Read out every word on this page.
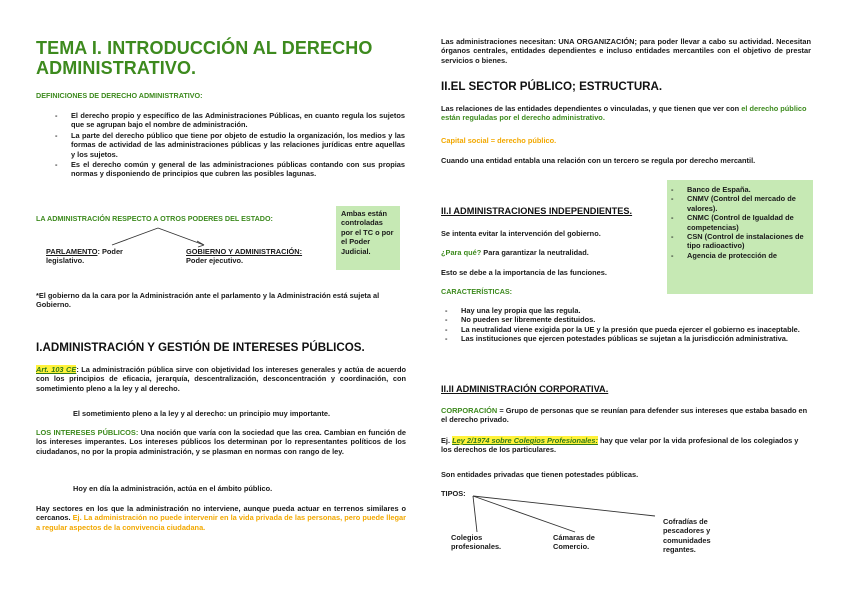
TEMA I. INTRODUCCIÓN AL DERECHO
ADMINISTRATIVO.
DEFINICIONES DE DERECHO ADMINISTRATIVO:
- El derecho propio y específico de las Administraciones Públicas, en cuanto regula los sujetos que se agrupan bajo el nombre de administración.
- La parte del derecho público que tiene por objeto de estudio la organización, los medios y las formas de actividad de las administraciones públicas y las relaciones jurídicas entre aquellas y los sujetos.
- Es el derecho común y general de las administraciones públicas contando con sus propias normas y disponiendo de principios que cubren las posibles lagunas.
LA ADMINISTRACIÓN RESPECTO A OTROS PODERES DEL ESTADO:
PARLAMENTO: Poder legislativo.
GOBIERNO Y ADMINISTRACIÓN:
Poder ejecutivo.
Ambas están controladas por el TC o por el Poder Judicial.
*El gobierno da la cara por la Administración ante el parlamento y la Administración está sujeta al Gobierno.
I.ADMINISTRACIÓN Y GESTIÓN DE INTERESES PÚBLICOS.
Art. 103 CE: La administración pública sirve con objetividad los intereses generales y actúa de acuerdo con los principios de eficacia, jerarquía, descentralización, desconcentración y coordinación, con sometimiento pleno a la ley y al derecho.
El sometimiento pleno a la ley y al derecho: un principio muy importante.
LOS INTERESES PÚBLICOS: Una noción que varía con la sociedad que las crea. Cambian en función de los intereses imperantes. Los intereses públicos los determinan por lo representantes políticos de los ciudadanos, no por la propia administración, y se plasman en normas con rango de ley.
Hoy en día la administración, actúa en el ámbito público.
Hay sectores en los que la administración no interviene, aunque pueda actuar en terrenos similares o cercanos. Ej. La administración no puede intervenir en la vida privada de las personas, pero puede llegar a regular aspectos de la convivencia ciudadana.
Las administraciones necesitan: UNA ORGANIZACIÓN; para poder llevar a cabo su actividad. Necesitan órganos centrales, entidades dependientes e incluso entidades mercantiles con el objetivo de prestar servicios o bienes.
II.EL SECTOR PÚBLICO; ESTRUCTURA.
Las relaciones de las entidades dependientes o vinculadas, y que tienen que ver con el derecho público están reguladas por el derecho administrativo.
Capital social = derecho público.
Cuando una entidad entabla una relación con un tercero se regula por derecho mercantil.
- Banco de España.
- CNMV (Control del mercado de valores).
- CNMC (Control de Igualdad de competencias)
- CSN (Control de instalaciones de tipo radioactivo)
- Agencia de protección de
II.I ADMINISTRACIONES INDEPENDIENTES.
Se intenta evitar la intervención del gobierno.
¿Para qué? Para garantizar la neutralidad.
Esto se debe a la importancia de las funciones.
CARACTERÍSTICAS:
- Hay una ley propia que las regula.
- No pueden ser libremente destituidos.
- La neutralidad viene exigida por la UE y la presión que pueda ejercer el gobierno es inaceptable.
- Las instituciones que ejercen potestades públicas se sujetan a la jurisdicción administrativa.
II.II ADMINISTRACIÓN CORPORATIVA.
CORPORACIÓN = Grupo de personas que se reunían para defender sus intereses que estaba basado en el derecho privado.
Ej. Ley 2/1974 sobre Colegios Profesionales: hay que velar por la vida profesional de los colegiados y los derechos de los particulares.
Son entidades privadas que tienen potestades públicas.
TIPOS:
Colegios profesionales.
Cámaras de Comercio.
Cofradías de pescadores y comunidades regantes.
